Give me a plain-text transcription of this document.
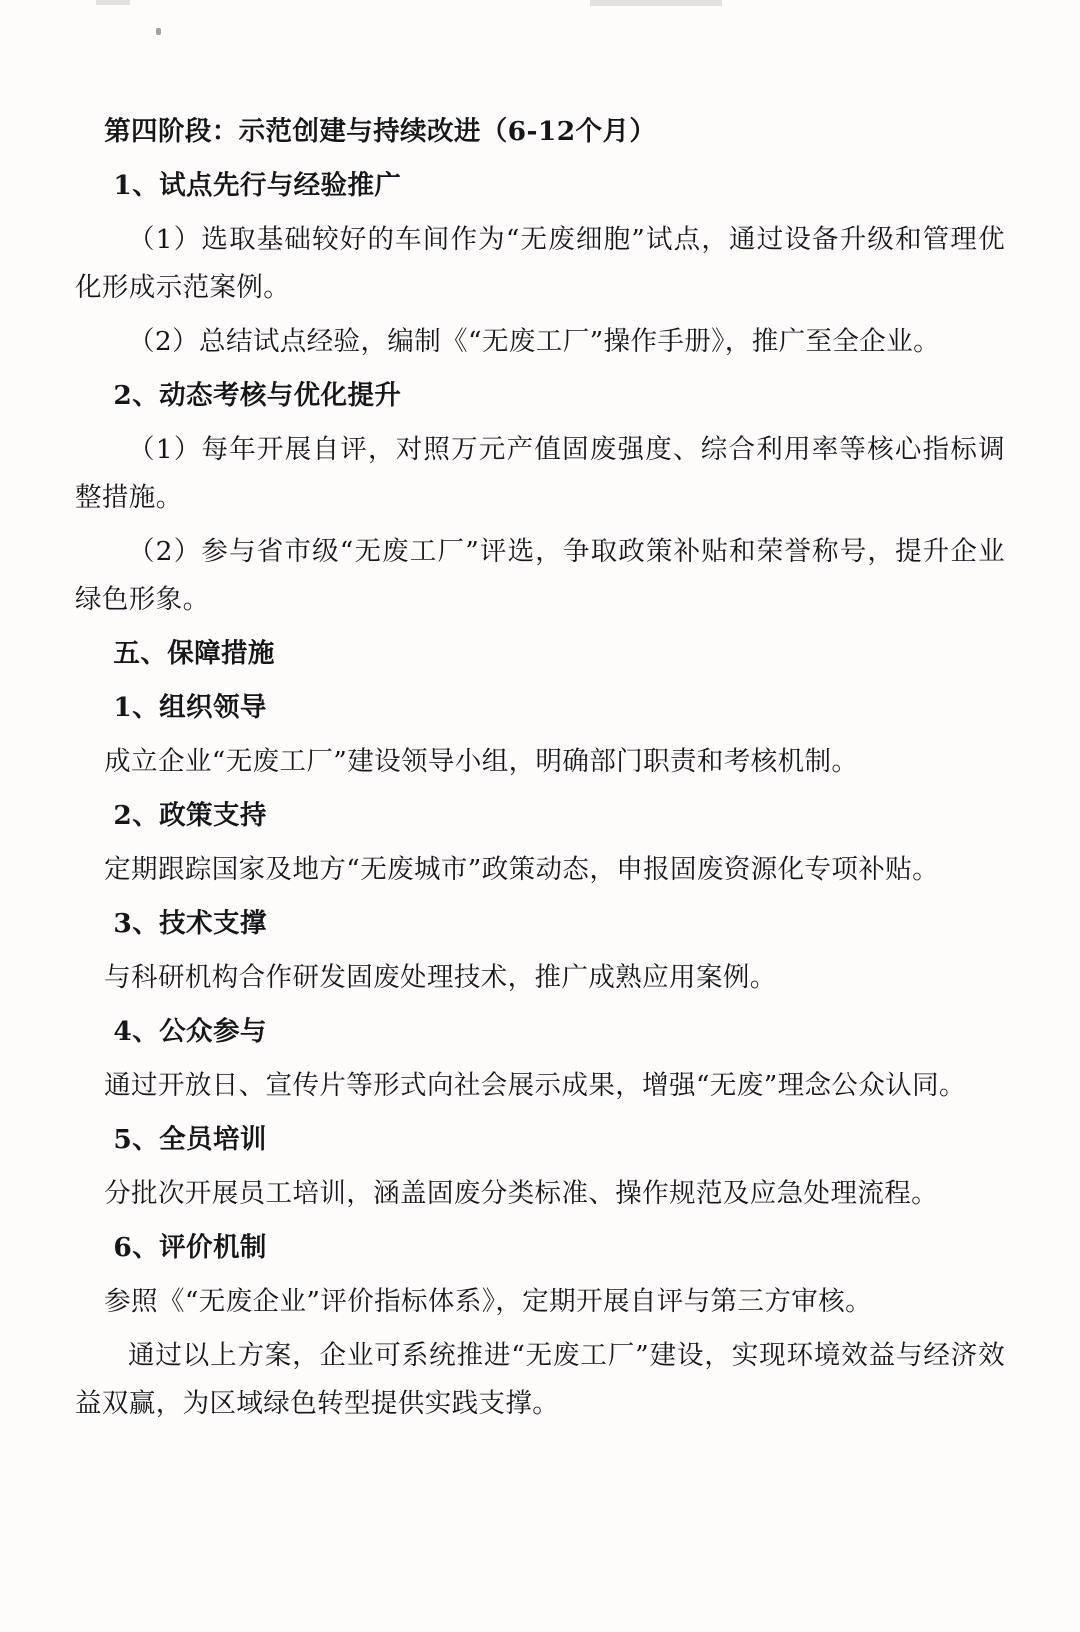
第四阶段：示范创建与持续改进（6-12个月）

1、试点先行与经验推广

（1）选取基础较好的车间作为“无废细胞”试点，通过设备升级和管理优化形成示范案例。

（2）总结试点经验，编制《“无废工厂”操作手册》，推广至全企业。

2、动态考核与优化提升

（1）每年开展自评，对照万元产值固废强度、综合利用率等核心指标调整措施。

（2）参与省市级“无废工厂”评选，争取政策补贴和荣誉称号，提升企业绿色形象。

五、保障措施

1、组织领导

成立企业“无废工厂”建设领导小组，明确部门职责和考核机制。

2、政策支持

定期跟踪国家及地方“无废城市”政策动态，申报固废资源化专项补贴。

3、技术支撑

与科研机构合作研发固废处理技术，推广成熟应用案例。

4、公众参与

通过开放日、宣传片等形式向社会展示成果，增强“无废”理念公众认同。

5、全员培训

分批次开展员工培训，涵盖固废分类标准、操作规范及应急处理流程。

6、评价机制

参照《“无废企业”评价指标体系》，定期开展自评与第三方审核。

通过以上方案，企业可系统推进“无废工厂”建设，实现环境效益与经济效益双赢，为区域绿色转型提供实践支撑。
